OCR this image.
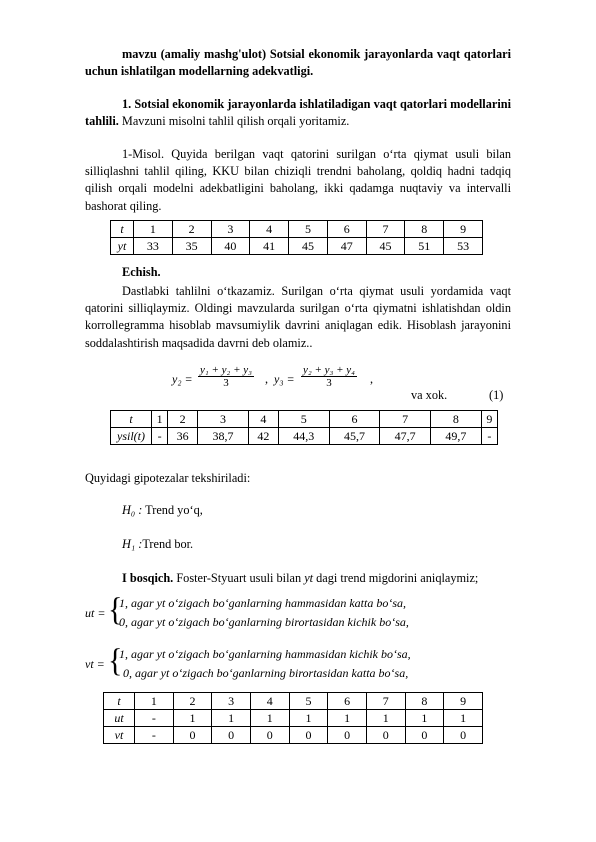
mavzu (amaliy mashg'ulot) Sotsial ekonomik jarayonlarda vaqt qatorlari uchun ishlatilgan modellarning adekvatligi.
1. Sotsial ekonomik jarayonlarda ishlatiladigan vaqt qatorlari modellarini tahlili. Mavzuni misolni tahlil qilish orqali yoritamiz.
1-Misol. Quyida berilgan vaqt qatorini surilgan o‘rta qiymat usuli bilan silliqlashni tahlil qiling, KKU bilan chiziqli trendni baholang, qoldiq hadni tadqiq qilish orqali modelni adekbatligini baholang, ikki qadamga nuqtaviy va intervalli bashorat qiling.
t	1	2	3	4	5	6	7	8	9
yt	33	35	40	41	45	47	45	51	53
Echish.
Dastlabki tahlilni o‘tkazamiz. Surilgan o‘rta qiymat usuli yordamida vaqt qatorini silliqlaymiz. Oldingi mavzularda surilgan o‘rta qiymatni ishlatishdan oldin korrollegramma hisoblab mavsumiylik davrini aniqlagan edik. Hisoblash jarayonini soddalashtirish maqsadida davrni deb olamiz..
$y_2 = \frac{\text{y₁ + y₂ + y₃}}{3}$ , $y_3 = \frac{\text{y₂ + y₃ + y₄}}{3}$ ,
va xok.	(1)
t	1	2	3	4	5	6	7	8	9
ysil(t)	-	36	38,7	42	44,3	45,7	47,7	49,7	-
Quyidagi gipotezalar tekshiriladi:
H₀ : Trend yo‘q,
H₁ :Trend bor.
I bosqich. Foster-Styuart usuli bilan yt dagi trend migdorini aniqlaymiz;
ut = {
1, agar yt o‘zigach bo‘ganlarning hammasidan katta bo‘sa,
0, agar yt o‘zigach bo‘ganlarning birortasidan kichik bo‘sa,
vt = {
1, agar yt o‘zigach bo‘ganlarning hammasidan kichik bo‘sa,
0, agar yt o‘zigach bo‘ganlarning birortasidan katta bo‘sa,
t	1	2	3	4	5	6	7	8	9
ut	-	1	1	1	1	1	1	1	1
vt	-	0	0	0	0	0	0	0	0
